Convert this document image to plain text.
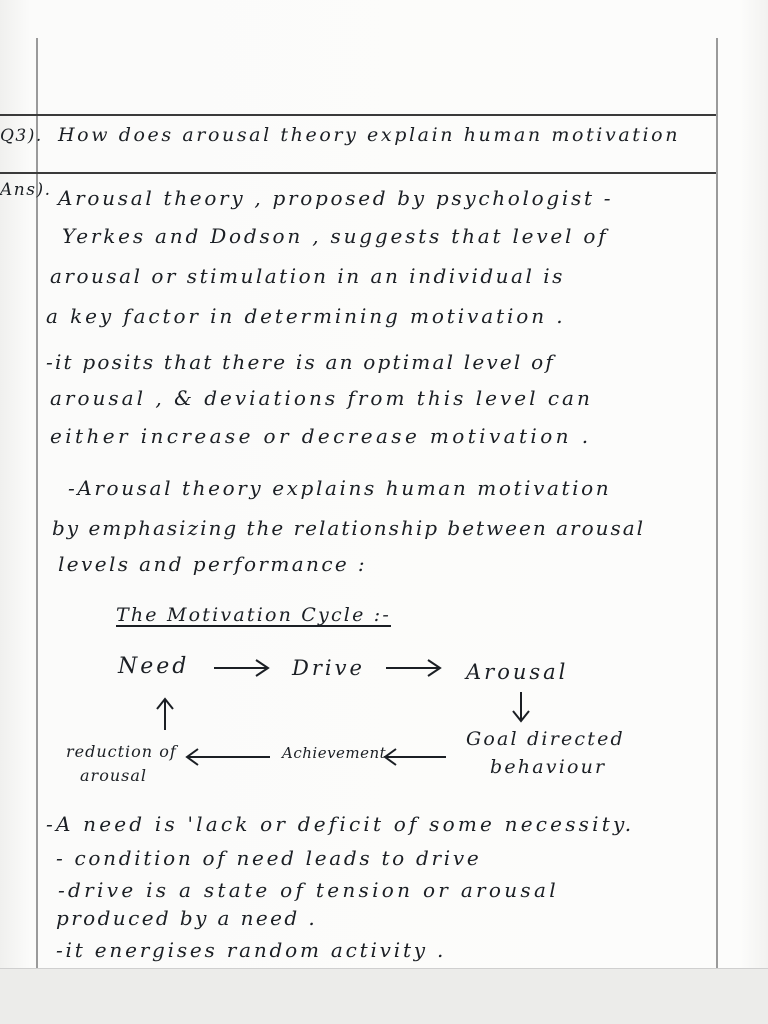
Q3). How does arousal theory explain human motivation
Ans). Arousal theory , proposed by psychologist -
Yerkes and Dodson , suggests that level of
arousal or stimulation in an individual is
a key factor in determining motivation .
-it posits that there is an optimal level of
arousal , & deviations from this level can
either increase or decrease motivation .
-Arousal theory explains human motivation
by emphasizing the relationship between arousal
levels and performance :
The Motivation Cycle :-
Need	Drive	Arousal
Goal directed
behaviour
Achievement
reduction of
arousal
-A need is 'lack or deficit of some necessity.
- condition of need leads to drive
-drive is a state of tension or arousal
produced by a need .
-it energises random activity .
